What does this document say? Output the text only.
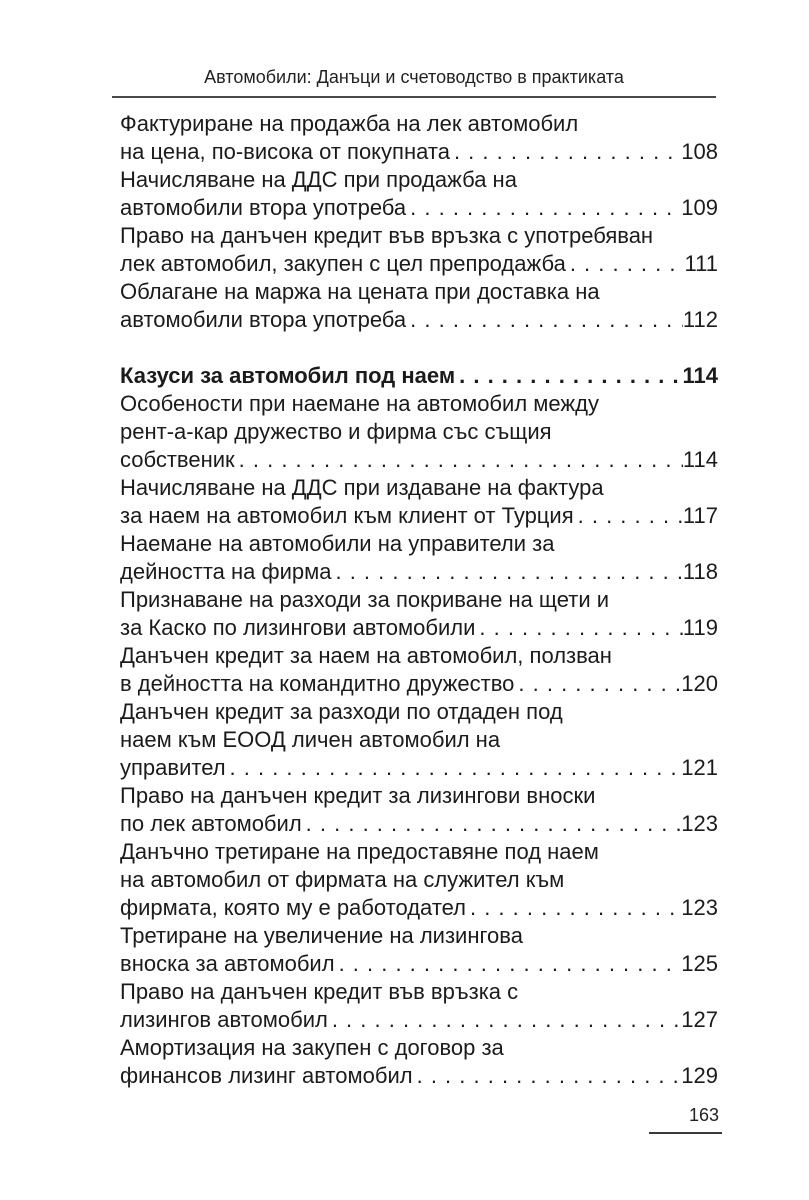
Автомобили: Данъци и счетоводство в практиката
Фактуриране на продажба на лек автомобил
на цена, по-висока от покупната . . .	108
Начисляване на ДДС при продажба на
автомобили втора употреба . . .	109
Право на данъчен кредит във връзка с употребяван
лек автомобил, закупен с цел препродажба . . .	111
Облагане на маржа на цената при доставка на
автомобили втора употреба . . .	112
Казуси за автомобил под наем . . .	114
Особености при наемане на автомобил между
рент-а-кар дружество и фирма със същия
собственик . . .	114
Начисляване на ДДС при издаване на фактура
за наем на автомобил към клиент от Турция . . .	117
Наемане на автомобили на управители за
дейността на фирма . . .	118
Признаване на разходи за покриване на щети и
за Каско по лизингови автомобили . . .	119
Данъчен кредит за наем на автомобил, ползван
в дейността на командитно дружество . . .	120
Данъчен кредит за разходи по отдаден под
наем към ЕООД личен автомобил на
управител . . .	121
Право на данъчен кредит за лизингови вноски
по лек автомобил . . .	123
Данъчно третиране на предоставяне под наем
на автомобил от фирмата на служител към
фирмата, която му е работодател . . .	123
Третиране на увеличение на лизингова
вноска за автомобил . . .	125
Право на данъчен кредит във връзка с
лизингов автомобил . . .	127
Амортизация на закупен с договор за
финансов лизинг автомобил . . .	129
163
